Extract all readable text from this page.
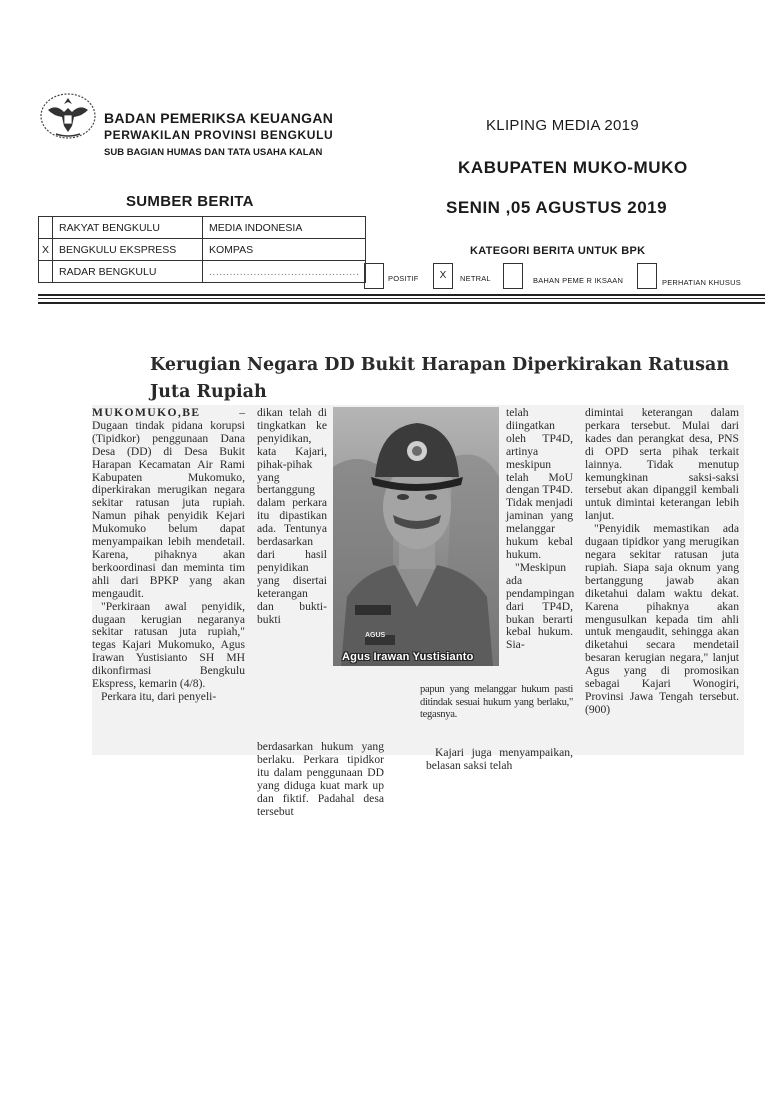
BADAN PEMERIKSA KEUANGAN
PERWAKILAN PROVINSI BENGKULU
SUB BAGIAN HUMAS DAN TATA USAHA KALAN
KLIPING MEDIA 2019
KABUPATEN MUKO-MUKO
SENIN ,05 AGUSTUS 2019
SUMBER BERITA
KATEGORI BERITA UNTUK BPK
	RAKYAT BENGKULU	MEDIA INDONESIA
X	BENGKULU EKSPRESS	KOMPAS
	RADAR BENGKULU	............................................
POSITIF	X	NETRAL	BAHAN PEME R IKSAAN	PERHATIAN KHUSUS
Kerugian Negara DD Bukit Harapan Diperkirakan Ratusan Juta Rupiah

MUKOMUKO,BE – Dugaan tindak pidana korupsi (Tipidkor) penggunaan Dana Desa (DD) di Desa Bukit Harapan Kecamatan Air Rami Kabupaten Mukomuko, diperkirakan merugikan negara sekitar ratusan juta rupiah. Namun pihak penyidik Kejari Mukomuko belum dapat menyampaikan lebih mendetail. Karena, pihaknya akan berkoordinasi dan meminta tim ahli dari BPKP yang akan mengaudit.

"Perkiraan awal penyidik, dugaan kerugian negaranya sekitar ratusan juta rupiah," tegas Kajari Mukomuko, Agus Irawan Yustisianto SH MH dikonfirmasi Bengkulu Ekspress, kemarin (4/8).

Perkara itu, dari penyeli-

dikan telah di tingkatkan ke penyidikan, kata Kajari, pihak-pihak yang bertanggung dalam perkara itu dipastikan ada. Tentunya berdasarkan dari hasil penyidikan yang disertai keterangan dan bukti-bukti

berdasarkan hukum yang berlaku. Perkara tipidkor itu dalam penggunaan DD yang diduga kuat mark up dan fiktif. Padahal desa tersebut

AGUS
Agus Irawan Yustisianto

telah diingatkan oleh TP4D, artinya meskipun telah MoU dengan TP4D. Tidak menjadi jaminan yang melanggar hukum kebal hukum.

"Meskipun ada pendampingan dari TP4D, bukan berarti kebal hukum. Sia-

papun yang melanggar hukum pasti ditindak sesuai hukum yang berlaku," tegasnya.

Kajari juga menyampaikan, belasan saksi telah

dimintai keterangan dalam perkara tersebut. Mulai dari kades dan perangkat desa, PNS di OPD serta pihak terkait lainnya. Tidak menutup kemungkinan saksi-saksi tersebut akan dipanggil kembali untuk dimintai keterangan lebih lanjut.

"Penyidik memastikan ada dugaan tipidkor yang merugikan negara sekitar ratusan juta rupiah. Siapa saja oknum yang bertanggung jawab akan diketahui dalam waktu dekat. Karena pihaknya akan mengusulkan kepada tim ahli untuk mengaudit, sehingga akan diketahui secara mendetail besaran kerugian negara," lanjut Agus yang di promosikan sebagai Kajari Wonogiri, Provinsi Jawa Tengah tersebut.(900)
